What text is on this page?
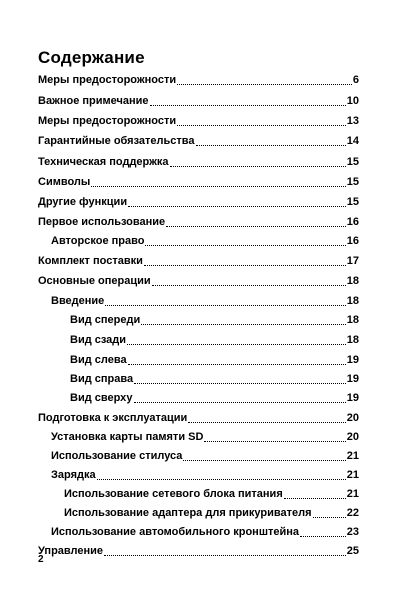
Содержание
Меры предосторожности	6
Важное примечание	10
Меры предосторожности	13
Гарантийные обязательства	14
Техническая поддержка	15
Символы	15
Другие функции	15
Первое использование	16
Авторское право	16
Комплект поставки	17
Основные операции	18
Введение	18
Вид спереди	18
Вид сзади	18
Вид слева	19
Вид справа	19
Вид сверху	19
Подготовка к эксплуатации	20
Установка карты памяти SD	20
Использование стилуса	21
Зарядка	21
Использование сетевого блока питания	21
Использование адаптера для прикуривателя	22
Использование автомобильного кронштейна	23
Управление	25
2
